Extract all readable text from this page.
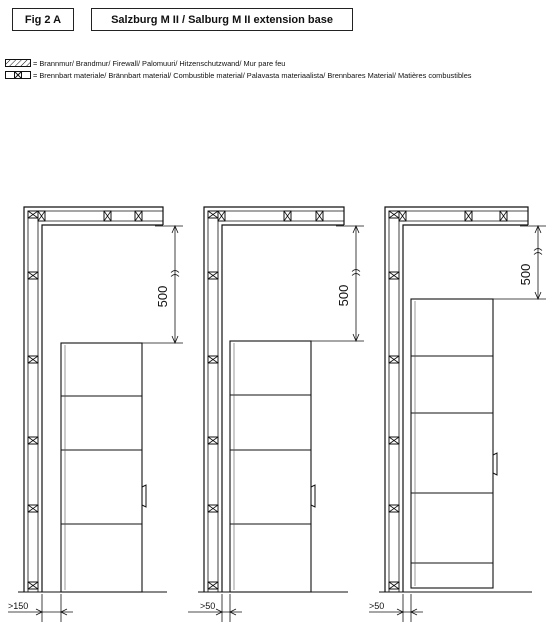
Fig 2 A	Salzburg M II / Salburg M II extension base
= Brannmur/ Brandmur/ Firewall/ Palomuuri/ Hitzenschutzwand/ Mur pare feu
= Brennbart materiale/ Brännbart material/ Combustible material/ Palavasta materiaalista/ Brennbares Material/ Matières combustibles
500
>150
500
>50
500
>50
